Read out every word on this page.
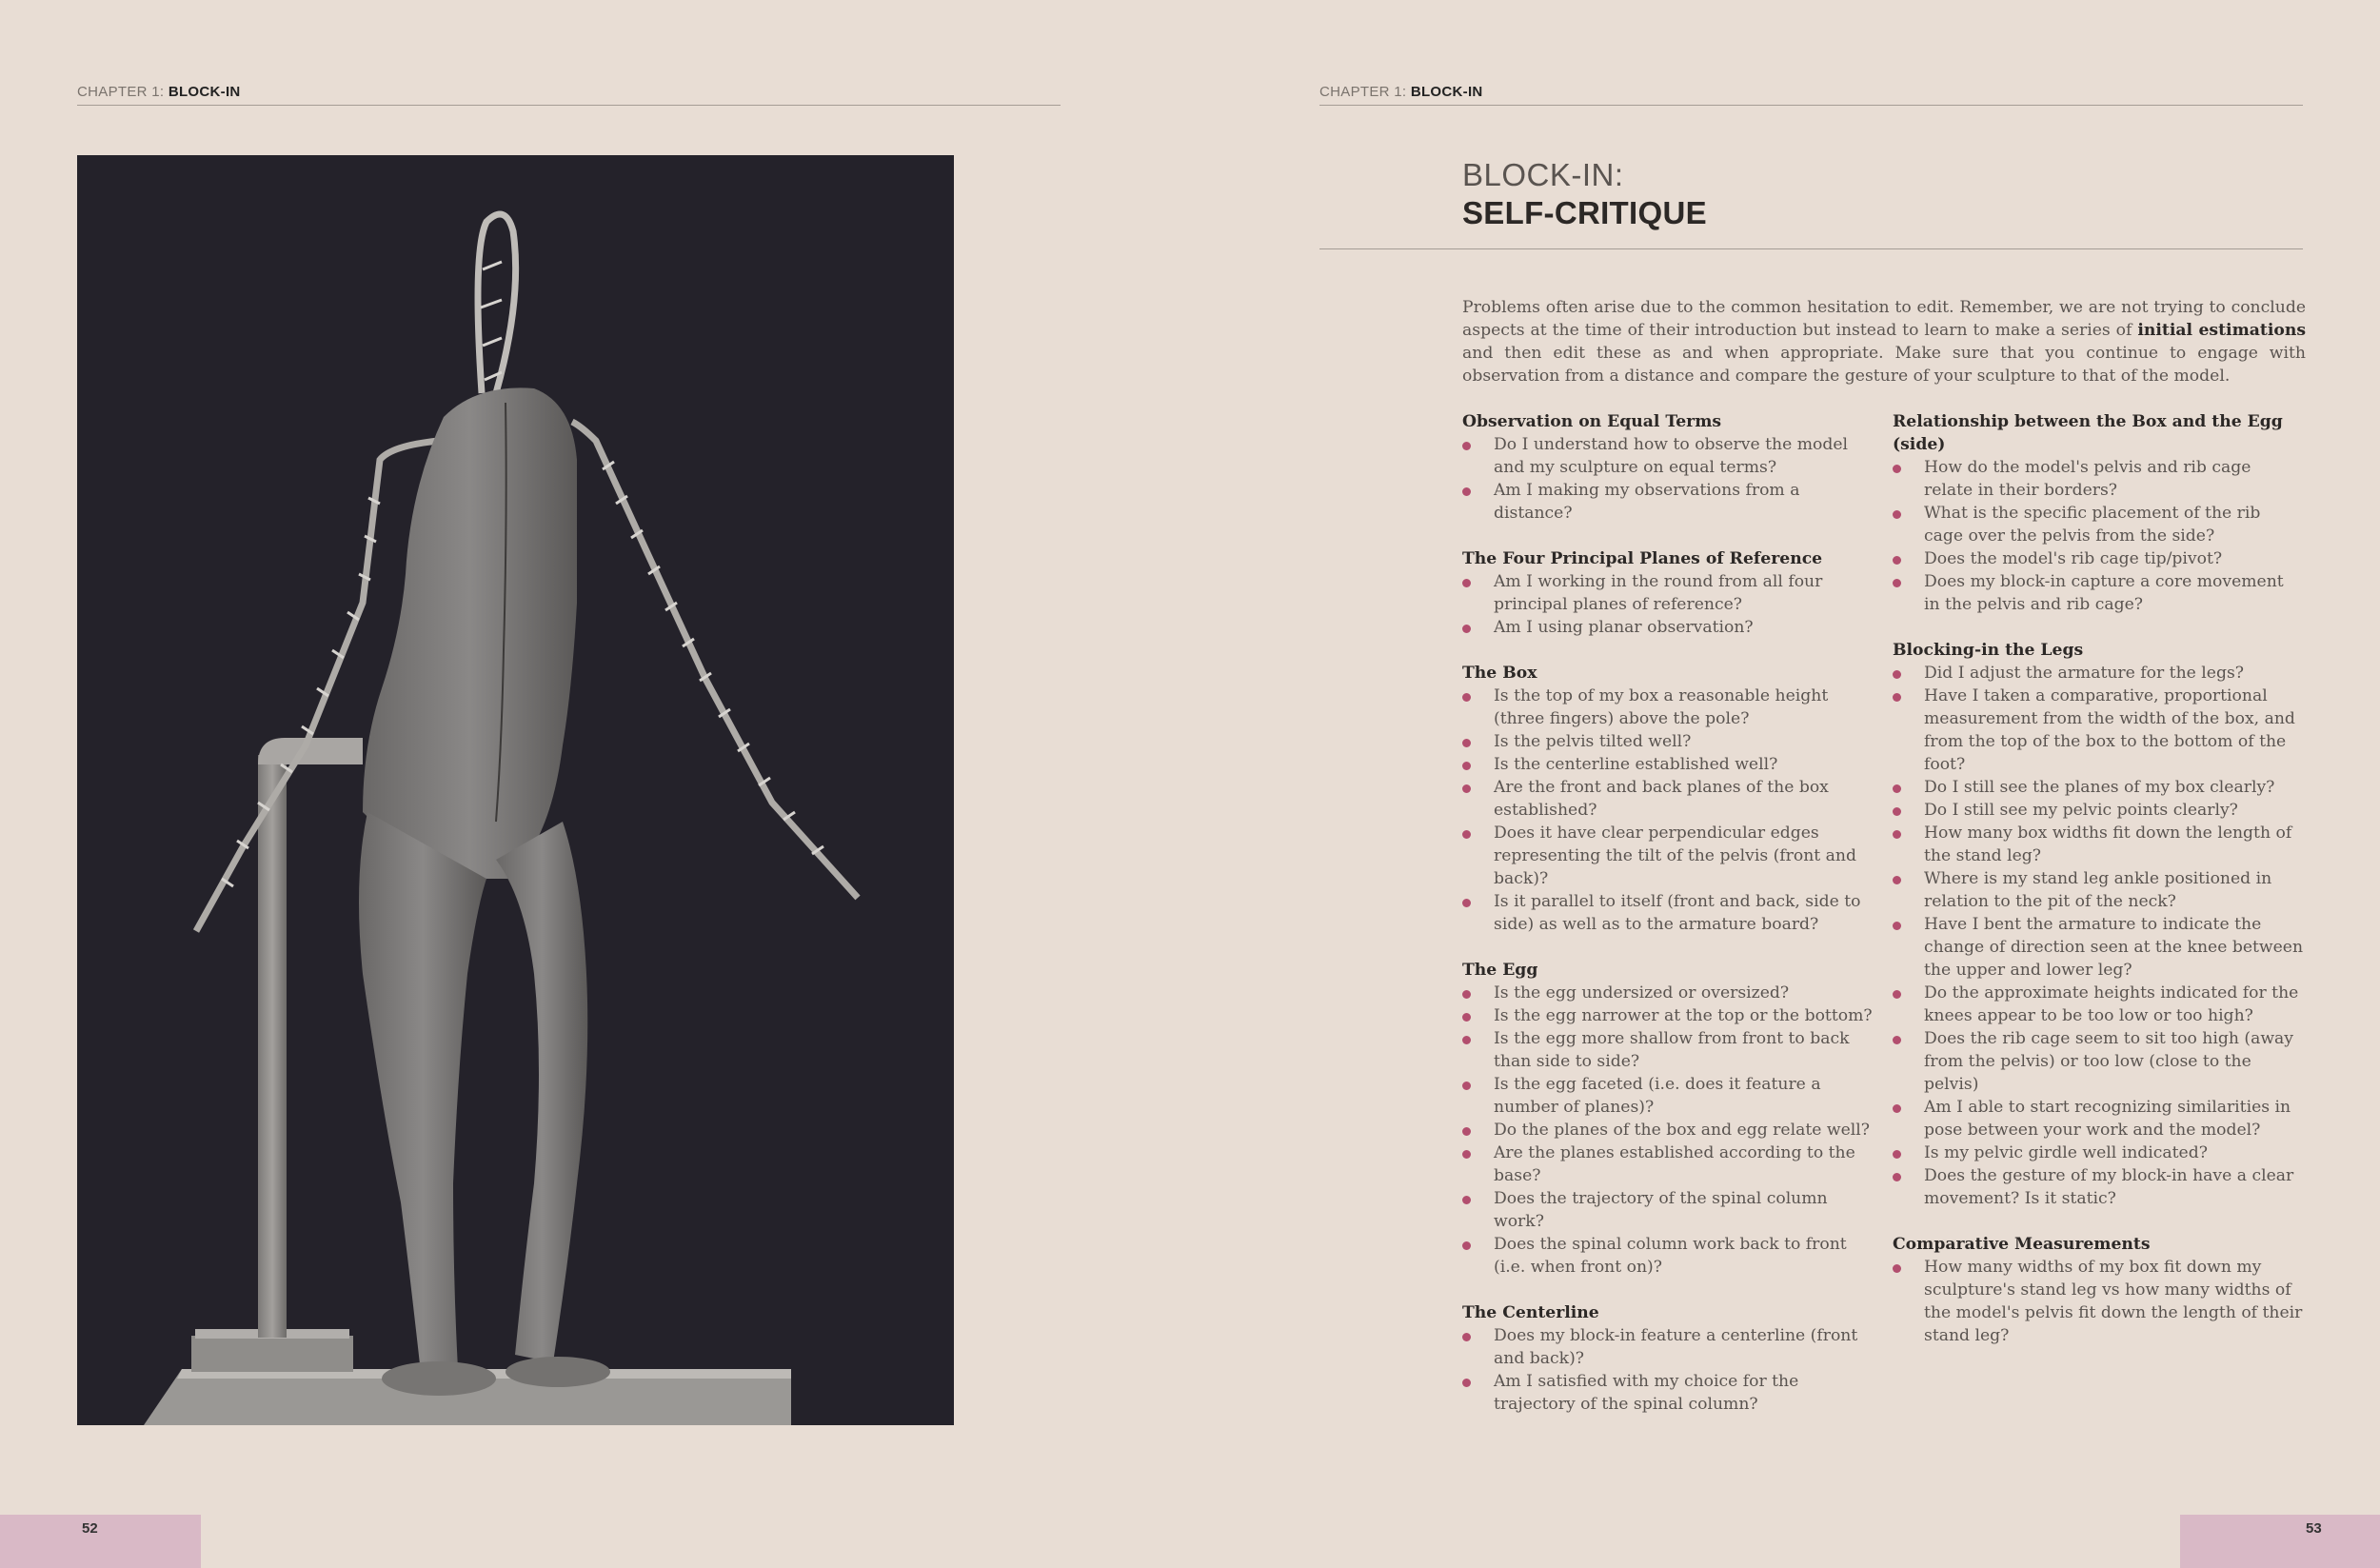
CHAPTER 1: BLOCK-IN
52
CHAPTER 1: BLOCK-IN
BLOCK-IN:
SELF-CRITIQUE

Problems often arise due to the common hesitation to edit. Remember, we are not trying to conclude aspects at the time of their introduction but instead to learn to make a series of initial estimations and then edit these as and when appropriate. Make sure that you continue to engage with observation from a distance and compare the gesture of your sculpture to that of the model.

Observation on Equal Terms
Do I understand how to observe the model and my sculpture on equal terms?
Am I making my observations from a distance?
The Four Principal Planes of Reference
Am I working in the round from all four principal planes of reference?
Am I using planar observation?
The Box
Is the top of my box a reasonable height (three fingers) above the pole?
Is the pelvis tilted well?
Is the centerline established well?
Are the front and back planes of the box established?
Does it have clear perpendicular edges representing the tilt of the pelvis (front and back)?
Is it parallel to itself (front and back, side to side) as well as to the armature board?
The Egg
Is the egg undersized or oversized?
Is the egg narrower at the top or the bottom?
Is the egg more shallow from front to back than side to side?
Is the egg faceted (i.e. does it feature a number of planes)?
Do the planes of the box and egg relate well?
Are the planes established according to the base?
Does the trajectory of the spinal column work?
Does the spinal column work back to front (i.e. when front on)?
The Centerline
Does my block-in feature a centerline (front and back)?
Am I satisfied with my choice for the trajectory of the spinal column?
Relationship between the Box and the Egg (side)
How do the model's pelvis and rib cage relate in their borders?
What is the specific placement of the rib cage over the pelvis from the side?
Does the model's rib cage tip/pivot?
Does my block-in capture a core movement in the pelvis and rib cage?
Blocking-in the Legs
Did I adjust the armature for the legs?
Have I taken a comparative, proportional measurement from the width of the box, and from the top of the box to the bottom of the foot?
Do I still see the planes of my box clearly?
Do I still see my pelvic points clearly?
How many box widths fit down the length of the stand leg?
Where is my stand leg ankle positioned in relation to the pit of the neck?
Have I bent the armature to indicate the change of direction seen at the knee between the upper and lower leg?
Do the approximate heights indicated for the knees appear to be too low or too high?
Does the rib cage seem to sit too high (away from the pelvis) or too low (close to the pelvis)
Am I able to start recognizing similarities in pose between your work and the model?
Is my pelvic girdle well indicated?
Does the gesture of my block-in have a clear movement? Is it static?
Comparative Measurements
How many widths of my box fit down my sculpture's stand leg vs how many widths of the model's pelvis fit down the length of their stand leg?
53
